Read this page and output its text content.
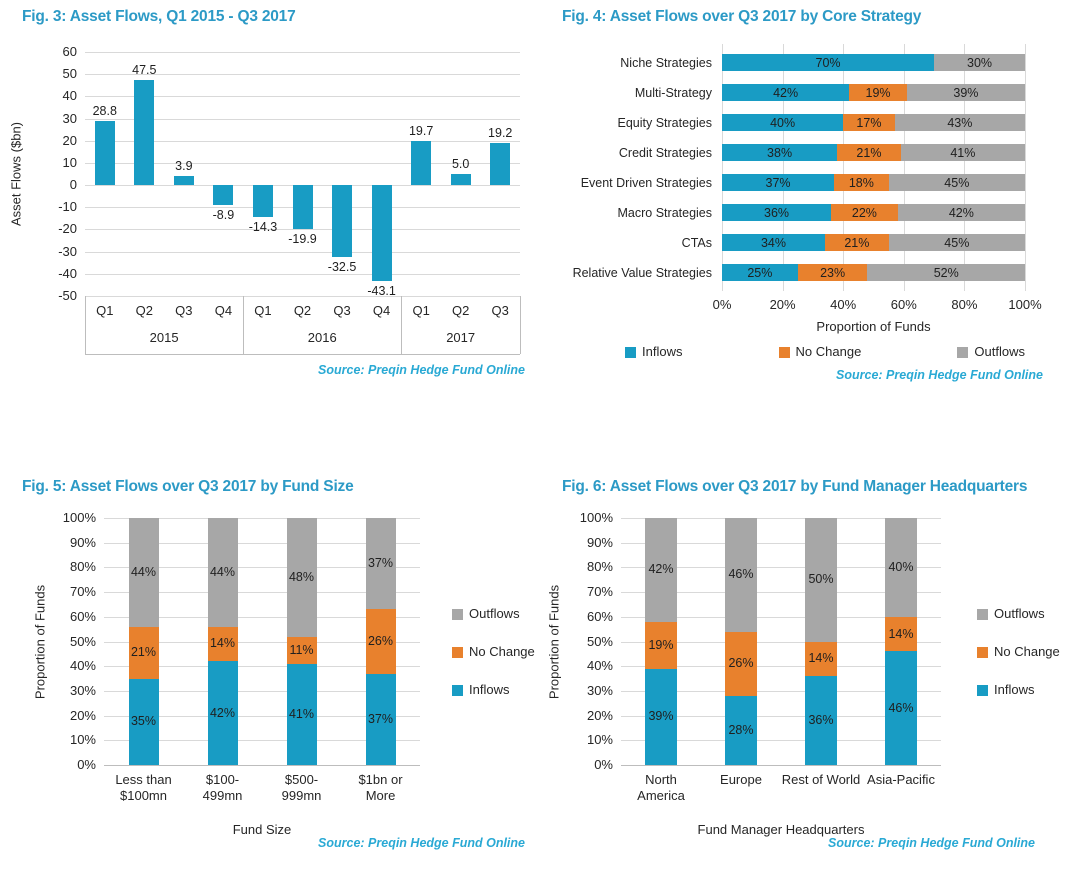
Fig. 3: Asset Flows, Q1 2015 - Q3 2017
-50
-40
-30
-20
-10
0
10
20
30
40
50
60
28.8
47.5
3.9
-8.9
-14.3
-19.9
-32.5
-43.1
19.7
5.0
19.2
Q1	Q2	Q3	Q4	Q1	Q2	Q3	Q4	Q1	Q2	Q3
2015	2016	2017
Asset Flows ($bn)
Source: Preqin Hedge Fund Online
Fig. 4: Asset Flows over Q3 2017 by Core Strategy
0%	20%	40%	60%	80%	100%
Niche Strategies	70%	30%
Multi-Strategy	42%	19%	39%
Equity Strategies	40%	17%	43%
Credit Strategies	38%	21%	41%
Event Driven Strategies	37%	18%	45%
Macro Strategies	36%	22%	42%
CTAs	34%	21%	45%
Relative Value Strategies	25%	23%	52%
Proportion of Funds
Inflows	No Change	Outflows
Source: Preqin Hedge Fund Online
Fig. 5: Asset Flows over Q3 2017 by Fund Size
0%
10%
20%
30%
40%
50%
60%
70%
80%
90%
100%
35%
21%
44%
Less than
$100mn
42%
14%
44%
$100-
499mn
41%
11%
48%
$500-
999mn
37%
26%
37%
$1bn or
More
Proportion of Funds
Fund Size
Outflows
No Change
Inflows
Source: Preqin Hedge Fund Online
Fig. 6: Asset Flows over Q3 2017 by Fund Manager Headquarters
0%
10%
20%
30%
40%
50%
60%
70%
80%
90%
100%
39%
19%
42%
North
America
28%
26%
46%
Europe
36%
14%
50%
Rest of World
46%
14%
40%
Asia-Pacific
Proportion of Funds
Fund Manager Headquarters
Outflows
No Change
Inflows
Source: Preqin Hedge Fund Online
